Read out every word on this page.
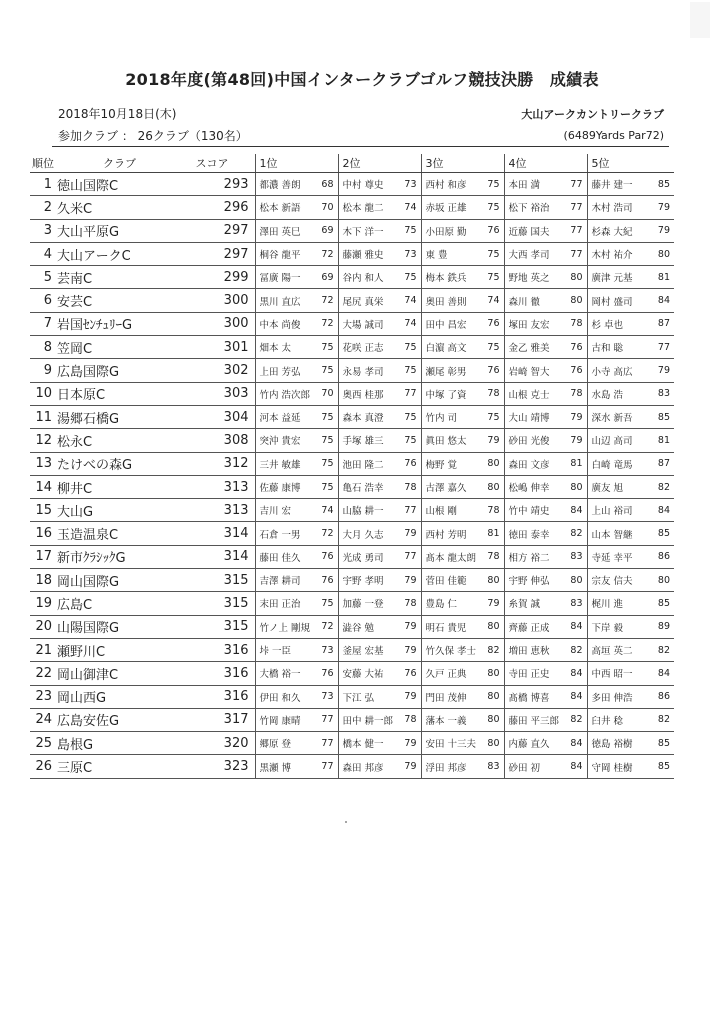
2018年度(第48回)中国インタークラブゴルフ競技決勝　成績表
2018年10月18日(木)
参加クラブ ： 26クラブ（130名）
大山アークカントリークラブ
(6489Yards Par72)
順位	クラブ	スコア	1位		2位		3位		4位		5位	
1	徳山国際C	293	都濃 善朗	68	中村 尊史	73	西村 和彦	75	本田 満	77	藤井 建一	85
2	久米C	296	松本 新語	70	松本 龍二	74	赤坂 正雄	75	松下 裕治	77	木村 浩司	79
3	大山平原G	297	澤田 英巳	69	木下 洋一	75	小田原 勤	76	近藤 国夫	77	杉森 大紀	79
4	大山アークC	297	桐谷 龍平	72	藤瀬 雅史	73	東 豊	75	大西 孝司	77	木村 祐介	80
5	芸南C	299	冨廣 陽一	69	谷内 和人	75	梅本 鉄兵	75	野地 英之	80	廣津 元基	81
6	安芸C	300	黒川 直広	72	尾尻 真栄	74	奥田 善則	74	森川 徹	80	岡村 盛司	84
7	岩国ｾﾝﾁｭﾘｰG	300	中本 尚俊	72	大場 誠司	74	田中 昌宏	76	塚田 友宏	78	杉 卓也	87
8	笠岡C	301	畑本 太	75	花咲 正志	75	白濵 高文	75	金乙 雅美	76	古和 聡	77
9	広島国際G	302	上田 芳弘	75	永易 孝司	75	瀬尾 彰男	76	岩崎 智大	76	小寺 高広	79
10	日本原C	303	竹内 浩次郎	70	奥西 桂那	77	中塚 了資	78	山根 克士	78	水島 浩	83
11	湯郷石橋G	304	河本 益延	75	森本 真澄	75	竹内 司	75	大山 靖博	79	深水 新吾	85
12	松永C	308	突沖 貴宏	75	手塚 雄三	75	眞田 悠太	79	砂田 光俊	79	山辺 高司	81
13	たけべの森G	312	三井 敏雄	75	池田 隆二	76	梅野 覚	80	森田 文彦	81	白崎 竜馬	87
14	柳井C	313	佐藤 康博	75	亀石 浩幸	78	古澤 嘉久	80	松嶋 伸幸	80	廣友 旭	82
15	大山G	313	吉川 宏	74	山脇 耕一	77	山根 剛	78	竹中 靖史	84	上山 裕司	84
16	玉造温泉C	314	石倉 一男	72	大月 久志	79	西村 芳明	81	徳田 泰幸	82	山本 智継	85
17	新市ｸﾗｼｯｸG	314	藤田 佳久	76	光成 勇司	77	髙本 龍太朗	78	相方 裕二	83	寺延 幸平	86
18	岡山国際G	315	吉澤 耕司	76	宇野 孝明	79	菅田 佳範	80	宇野 伸弘	80	宗友 信夫	80
19	広島C	315	末田 正治	75	加藤 一登	78	豊島 仁	79	糸賀 誠	83	梶川 進	85
20	山陽国際G	315	竹ノ上 剛規	72	澁谷 勉	79	明石 貴児	80	齊藤 正成	84	下岸 毅	89
21	瀬野川C	316	垰 一臣	73	釜屋 宏基	79	竹久保 孝士	82	増田 恵秋	82	高垣 英二	82
22	岡山御津C	316	大橋 裕一	76	安藤 大祐	76	久戸 正典	80	寺田 正史	84	中西 昭一	84
23	岡山西G	316	伊田 和久	73	下江 弘	79	門田 茂伸	80	髙橋 博喜	84	多田 伸浩	86
24	広島安佐G	317	竹岡 康晴	77	田中 耕一郎	78	藩本 一義	80	藤田 平三郎	82	臼井 稔	82
25	島根G	320	郷原 登	77	橋本 健一	79	安田 十三夫	80	内藤 直久	84	徳島 裕樹	85
26	三原C	323	黒瀬 博	77	森田 邦彦	79	浮田 邦彦	83	砂田 初	84	守岡 桂樹	85
